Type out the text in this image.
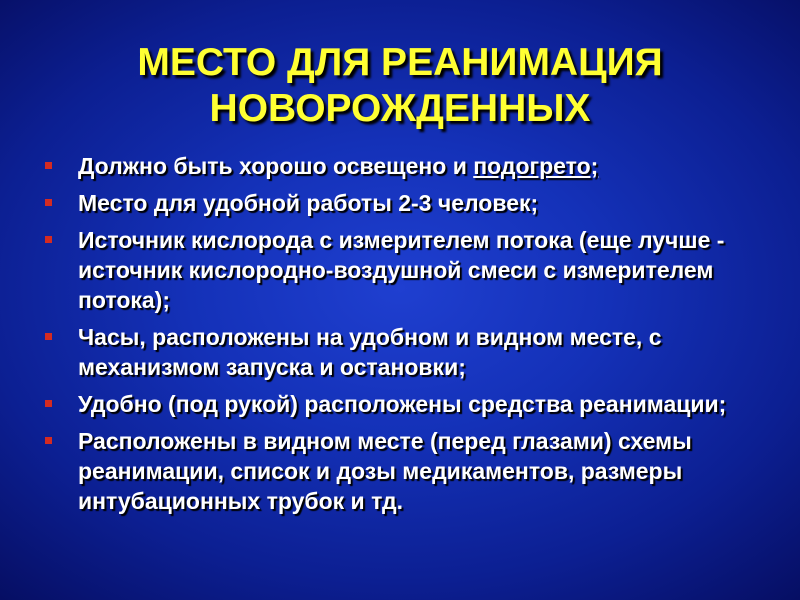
МЕСТО ДЛЯ РЕАНИМАЦИЯ
НОВОРОЖДЕННЫХ
Должно быть хорошо освещено и подогрето;
Место для удобной работы 2-3 человек;
Источник кислорода с измерителем потока (еще лучше - источник кислородно-воздушной смеси с измерителем потока);
Часы, расположены на удобном и видном месте, с механизмом запуска и остановки;
Удобно (под рукой) расположены средства реанимации;
Расположены в видном месте (перед глазами) схемы реанимации, список и дозы медикаментов, размеры интубационных трубок и тд.
